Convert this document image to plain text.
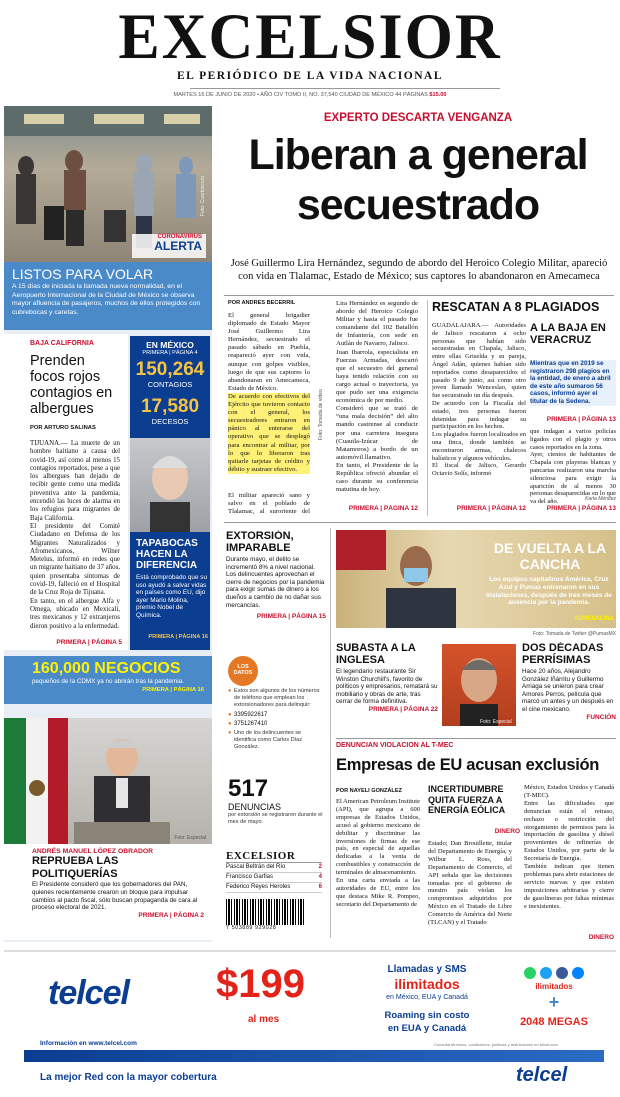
EXCELSIOR
EL PERIÓDICO DE LA VIDA NACIONAL
MARTES 16 DE JUNIO DE 2020 • AÑO CIV TOMO II, NO. 37,540 CIUDAD DE MÉXICO 44 PÁGINAS $15.00
CORONAVIRUS
ALERTA
Foto: Cuartoscuro
LISTOS PARA VOLAR
A 15 días de iniciada la llamada nueva normalidad, en el Aeropuerto Internacional de la Ciudad de México se observa mayor afluencia de pasajeros, muchos de ellos protegidos con cubrebocas y caretas.
BAJA CALIFORNIA
Prenden focos rojos contagios en albergues
POR ARTURO SALINAS
TIJUANA.— La muerte de un hombre haitiano a causa del covid-19, así como al menos 15 contagios reportados, pese a que los albergues han dejado de recibir gente como una medida preventiva ante la pandemia, encendió las luces de alarma en los refugios para migrantes de Baja California.
El presidente del Comité Ciudadano en Defensa de los Migrantes Naturalizados y Afromexicanos, Wilner Metelus, informó en redes que un migrante haitiano de 37 años, quien presentaba síntomas de covid-19, falleció en el Hospital de la Cruz Roja de Tijuana.
En tanto, en el albergue Alfa y Omega, ubicado en Mexicali, tres mexicanos y 12 extranjeros dieron positivo a la enfermedad.
PRIMERA | PÁGINA 5
EN MÉXICO
PRIMERA | PÁGINA 4
150,264
CONTAGIOS
17,580
DECESOS
TAPABOCAS HACEN LA DIFERENCIA
Está comprobado que su uso ayudó a salvar vidas en países como EU, dijo ayer Mario Molina, premio Nobel de Química.
PRIMERA | PÁGINA 16
160,000 NEGOCIOS
pequeños de la CDMX ya no abrirán tras la pandemia.
PRIMERA | PÁGINA 16
Foto: Especial
ANDRÉS MANUEL LÓPEZ OBRADOR
REPRUEBA LAS POLITIQUERÍAS
El Presidente consideró que los gobernadores del PAN, quienes recientemente crearon un bloque para impulsar cambios al pacto fiscal, sólo buscan propaganda de cara al proceso electoral de 2021.
PRIMERA | PÁGINA 2
EXPERTO DESCARTA VENGANZA
Liberan a general secuestrado
José Guillermo Lira Hernández, segundo de abordo del Heroico Colegio Militar, apareció con vida en Tlalamac, Estado de México; sus captores lo abandonaron en Amecameca
POR ANDRÉS BECERRIL
El general brigadier diplomado de Estado Mayor José Guillermo Lira Hernández, secuestrado el pasado sábado en Puebla, reapareció ayer con vida, aunque con golpes visibles, luego de que sus captores lo abandonaran en Amecameca, Estado de México.
De acuerdo con efectivos del Ejército que tuvieron contacto con el general, los secuestradores entraron en pánico al enterarse del operativo que se desplegó para encontrar al militar, por lo que lo liberaron tras quitarle tarjetas de crédito y débito y sustraer efectivo.
El militar apareció sano y salvo en el poblado de Tlalamac, al suroriente del
Lira Hernández es segundo de abordo del Heroico Colegio Militar y hasta el pasado fue comandante del 102 Batallón de Infantería, con sede en Autlán de Navarro, Jalisco.
Juan Ibarrola, especialista en Fuerzas Armadas, descartó que el secuestro del general haya tenido relación con su cargo actual o trayectoria, ya que pudo ser una exigencia económica de por medio.
Consideró que se trató de “una mala decisión” del alto mando castrense al conducir por una carretera insegura (Cuautla-Izúcar de Matamoros) a bordo de un automóvil llamativo.
En tanto, el Presidente de la República ofreció abundar el caso durante su conferencia matutina de hoy.
PRIMERA | PÁGINA 12
Foto: Tomada de video
RESCATAN A 8 PLAGIADOS
GUADALAJARA.— Autoridades de Jalisco rescataron a ocho personas que habían sido secuestradas en Chapala, Jalisco, entre ellas Griselda y su pareja, Ángel Adán, quienes habían sido reportados como desaparecidos el pasado 9 de junio, así como otro joven llamado Wenceslao, quien fue secuestrado un día después.
De acuerdo con la Fiscalía del estado, tres personas fueron detenidas para indagar su participación en los hechos.
Los plagiados fueron localizados en una finca, donde también se encontraron armas, chalecos balísticos y algunos vehículos.
El fiscal de Jalisco, Gerardo Octavio Solís, informó
PRIMERA | PÁGINA 12
A LA BAJA EN VERACRUZ
Mientras que en 2019 se registraron 298 plagios en la entidad, de enero a abril de este año sumaron 56 casos, informó ayer el titular de la Sedena.
PRIMERA | PÁGINA 13
que indagan a varios policías ligados con el plagio y otros casos reportados en la zona.
Ayer, cientos de habitantes de Chapala con playeras blancas y pancartas realizaron una marcha silenciosa para exigir la aparición de al menos 30 personas desaparecidas en lo que va del año.	Karla Méndez
PRIMERA | PÁGINA 13
EXTORSIÓN, IMPARABLE
Durante mayo, el delito se incrementó 8% a nivel nacional. Los delincuentes aprovechan el cierre de negocios por la pandemia para exigir sumas de dinero a los dueños a cambio de no dañar sus mercancías.
PRIMERA | PÁGINA 15
LOS
DATOS
● Éstos son algunos de los números de teléfono que emplean los extorsionadores para delinquir:
● 3395922617
● 3751267410
● Uno de los delincuentes se identifica como Carlos Díaz González.
517
DENUNCIAS
por extorsión se registraron durante el mes de mayo.
EXCELSIOR
Pascal Beltrán del Río	2
Francisco Garfias	4
Federico Reyes Heroles	6
7 503889 929028
DE VUELTA A LA CANCHA
Los equipos capitalinos América, Cruz Azul y Pumas entrenaron en sus instalaciones, después de tres meses de ausencia por la pandemia.
ADRENALINA
Foto: Tomada de Twitter @PumasMX
SUBASTA A LA INGLESA
El legendario restaurante Sir Winston Churchill's, favorito de políticos y empresarios, rematará su mobiliario y obras de arte, tras cerrar de forma definitiva.
PRIMERA | PÁGINA 22
Foto: Especial
DOS DÉCADAS PERRÍSIMAS
Hace 20 años, Alejandro González Iñárritu y Guillermo Arriaga se unieron para crear Amores Perros, película que marcó un antes y un después en el cine mexicano.
FUNCIÓN
DENUNCIAN VIOLACIÓN AL T-MEC
Empresas de EU acusan exclusión
POR NAYELI GONZÁLEZ
El American Petroleum Institute (API), que agrupa a 600 empresas de Estados Unidos, acusó al gobierno mexicano de debilitar y discriminar las inversiones de firmas de ese país, en especial de aquellas dedicadas a la venta de combustibles y construcción de terminales de almacenamiento.
En una carta enviada a las autoridades de EU, entre los que destaca Mike R. Pompeo, secretario del Departamento de
INCERTIDUMBRE QUITA FUERZA A ENERGÍA EÓLICA
DINERO
Estado; Dan Brouillette, titular del Departamento de Energía; y Wilbur L. Ross, del Departamento de Comercio, el API señala que las decisiones tomadas por el gobierno de nuestro país violan los compromisos adquiridos por México en el Tratado de Libre Comercio de América del Norte (TLCAN) y el Tratado
México, Estados Unidos y Canadá (T-MEC).
Entre las dificultades que denuncian están el retraso, rechazo o restricción del otorgamiento de permisos para la importación de gasolina y diésel provenientes de refinerías de Estados Unidos, por parte de la Secretaría de Energía.
También indican que tienen problemas para abrir estaciones de servicio nuevas y que existen imposiciones arbitrarias y cierre de gasolineras por faltas mínimas e inexistentes.
DINERO
telcel $199
al mes
Llamadas y SMS
ilimitados
en México, EUA y Canadá
Roaming sin costo
en EUA y Canadá

ilimitados
+
2048 MEGAS
Información en www.telcel.com	Consulta términos, condiciones, políticas y restricciones en telcel.com
La mejor Red con la mayor cobertura	telcel
